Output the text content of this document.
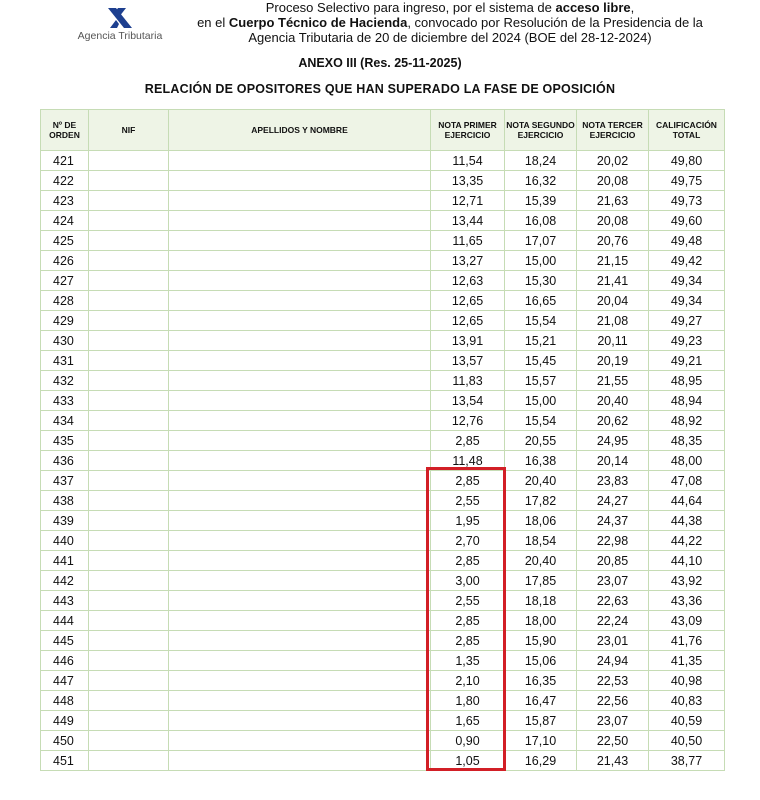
Agencia Tributaria
Proceso Selectivo para ingreso, por el sistema de acceso libre,
en el Cuerpo Técnico de Hacienda, convocado por Resolución de la Presidencia de la
Agencia Tributaria de 20 de diciembre del 2024 (BOE del 28-12-2024)
ANEXO III (Res. 25-11-2025)
RELACIÓN DE OPOSITORES QUE HAN SUPERADO LA FASE DE OPOSICIÓN
Nº DE ORDEN	NIF	APELLIDOS Y NOMBRE	NOTA PRIMER EJERCICIO	NOTA SEGUNDO EJERCICIO	NOTA TERCER EJERCICIO	CALIFICACIÓN TOTAL
421			11,54	18,24	20,02	49,80
422			13,35	16,32	20,08	49,75
423			12,71	15,39	21,63	49,73
424			13,44	16,08	20,08	49,60
425			11,65	17,07	20,76	49,48
426			13,27	15,00	21,15	49,42
427			12,63	15,30	21,41	49,34
428			12,65	16,65	20,04	49,34
429			12,65	15,54	21,08	49,27
430			13,91	15,21	20,11	49,23
431			13,57	15,45	20,19	49,21
432			11,83	15,57	21,55	48,95
433			13,54	15,00	20,40	48,94
434			12,76	15,54	20,62	48,92
435			2,85	20,55	24,95	48,35
436			11,48	16,38	20,14	48,00
437			2,85	20,40	23,83	47,08
438			2,55	17,82	24,27	44,64
439			1,95	18,06	24,37	44,38
440			2,70	18,54	22,98	44,22
441			2,85	20,40	20,85	44,10
442			3,00	17,85	23,07	43,92
443			2,55	18,18	22,63	43,36
444			2,85	18,00	22,24	43,09
445			2,85	15,90	23,01	41,76
446			1,35	15,06	24,94	41,35
447			2,10	16,35	22,53	40,98
448			1,80	16,47	22,56	40,83
449			1,65	15,87	23,07	40,59
450			0,90	17,10	22,50	40,50
451			1,05	16,29	21,43	38,77
